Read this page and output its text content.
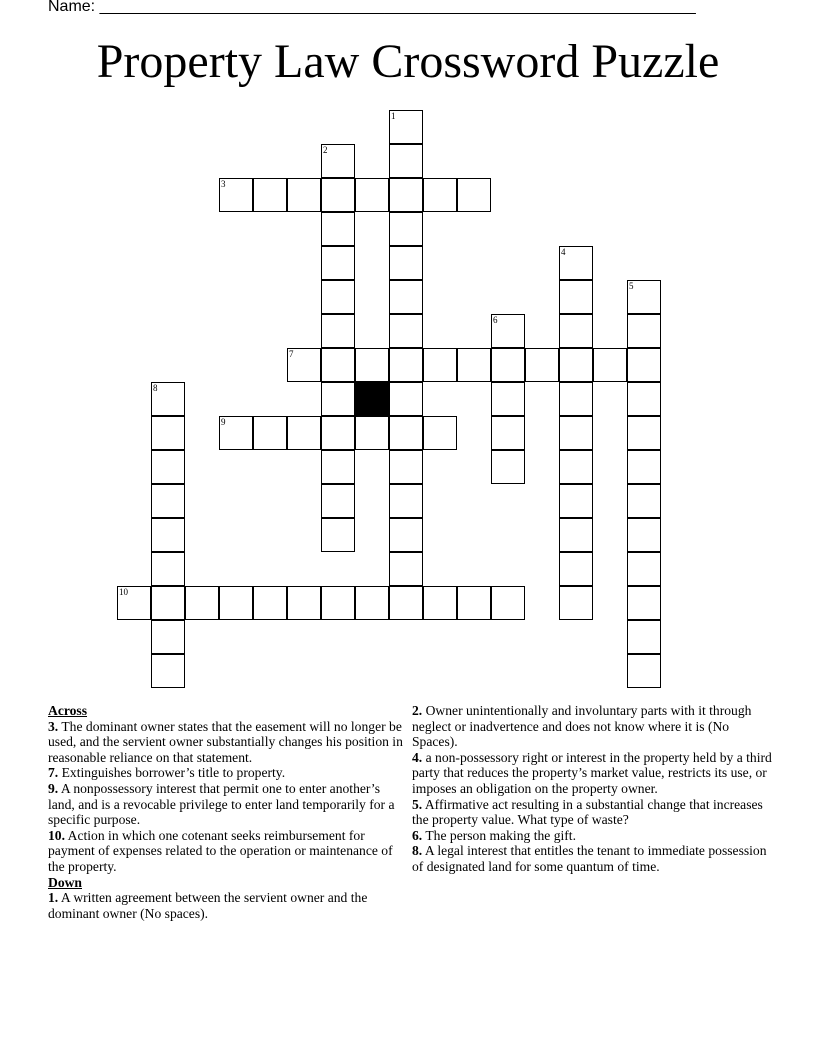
Name: ___________________________________________________________________
Property Law Crossword Puzzle
1
2
3
4
5
6
7
8
9
10
Across
3. The dominant owner states that the easement will no longer be used, and the servient owner substantially changes his position in reasonable reliance on that statement.
7. Extinguishes borrower’s title to property.
9. A nonpossessory interest that permit one to enter another’s land, and is a revocable privilege to enter land temporarily for a specific purpose.
10. Action in which one cotenant seeks reimbursement for payment of expenses related to the operation or maintenance of the property.
Down
1. A written agreement between the servient owner and the dominant owner (No spaces).
2. Owner unintentionally and involuntary parts with it through neglect or inadvertence and does not know where it is (No Spaces).
4. a non-possessory right or interest in the property held by a third party that reduces the property’s market value, restricts its use, or imposes an obligation on the property owner.
5. Affirmative act resulting in a substantial change that increases the property value. What type of waste?
6. The person making the gift.
8. A legal interest that entitles the tenant to immediate possession of designated land for some quantum of time.
